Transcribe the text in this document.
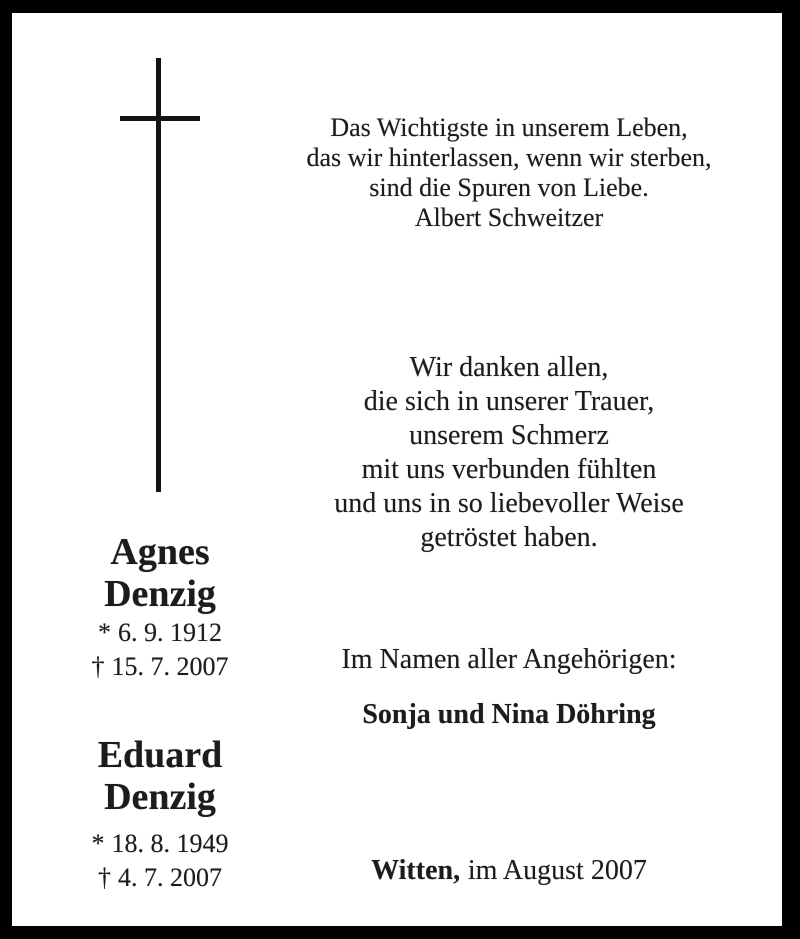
Agnes
Denzig
* 6. 9. 1912
† 15. 7. 2007
Eduard
Denzig
* 18. 8. 1949
† 4. 7. 2007
Das Wichtigste in unserem Leben,
das wir hinterlassen, wenn wir sterben,
sind die Spuren von Liebe.
Albert Schweitzer
Wir danken allen,
die sich in unserer Trauer,
unserem Schmerz
mit uns verbunden fühlten
und uns in so liebevoller Weise
getröstet haben.
Im Namen aller Angehörigen:
Sonja und Nina Döhring
Witten, im August 2007
